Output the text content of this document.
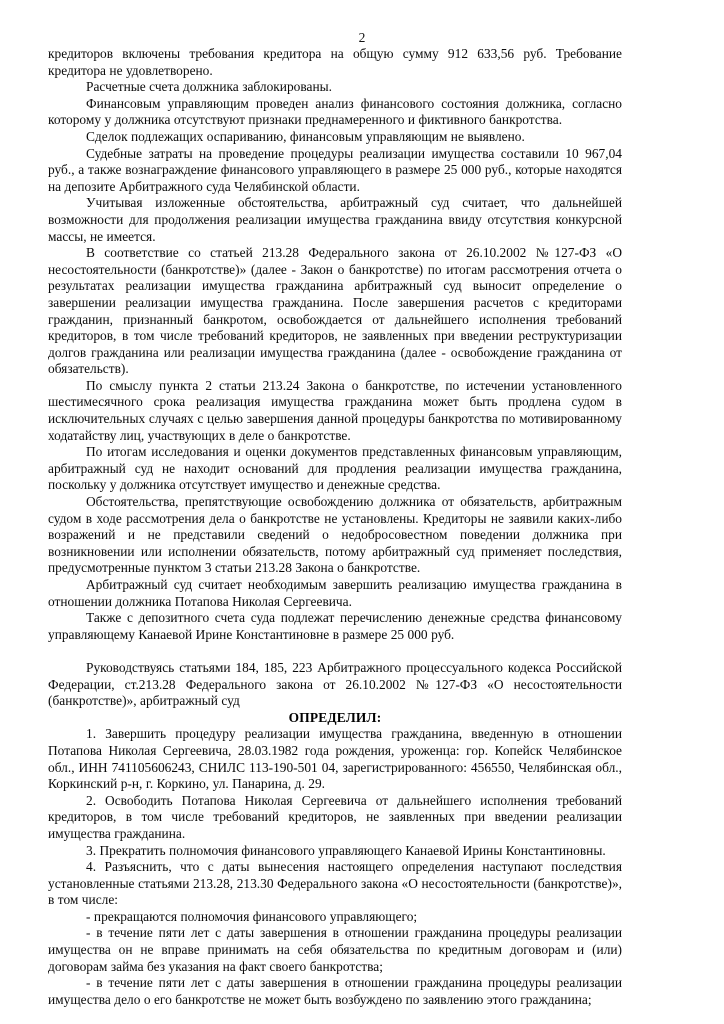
2

кредиторов включены требования кредитора на общую сумму 912 633,56 руб. Требование кредитора не удовлетворено.

Расчетные счета должника заблокированы.

Финансовым управляющим проведен анализ финансового состояния должника, согласно которому у должника отсутствуют признаки преднамеренного и фиктивного банкротства.

Сделок подлежащих оспариванию, финансовым управляющим не выявлено.

Судебные затраты на проведение процедуры реализации имущества составили 10 967,04 руб., а также вознаграждение финансового управляющего в размере 25 000 руб., которые находятся на депозите Арбитражного суда Челябинской области.

Учитывая изложенные обстоятельства, арбитражный суд считает, что дальнейшей возможности для продолжения реализации имущества гражданина ввиду отсутствия конкурсной массы, не имеется.

В соответствие со статьей 213.28 Федерального закона от 26.10.2002 №127-ФЗ «О несостоятельности (банкротстве)» (далее - Закон о банкротстве) по итогам рассмотрения отчета о результатах реализации имущества гражданина арбитражный суд выносит определение о завершении реализации имущества гражданина. После завершения расчетов с кредиторами гражданин, признанный банкротом, освобождается от дальнейшего исполнения требований кредиторов, в том числе требований кредиторов, не заявленных при введении реструктуризации долгов гражданина или реализации имущества гражданина (далее - освобождение гражданина от обязательств).

По смыслу пункта 2 статьи 213.24 Закона о банкротстве, по истечении установленного шестимесячного срока реализация имущества гражданина может быть продлена судом в исключительных случаях с целью завершения данной процедуры банкротства по мотивированному ходатайству лиц, участвующих в деле о банкротстве.

По итогам исследования и оценки документов представленных финансовым управляющим, арбитражный суд не находит оснований для продления реализации имущества гражданина, поскольку у должника отсутствует имущество и денежные средства.

Обстоятельства, препятствующие освобождению должника от обязательств, арбитражным судом в ходе рассмотрения дела о банкротстве не установлены. Кредиторы не заявили каких-либо возражений и не представили сведений о недобросовестном поведении должника при возникновении или исполнении обязательств, потому арбитражный суд применяет последствия, предусмотренные пунктом 3 статьи 213.28 Закона о банкротстве.

Арбитражный суд считает необходимым завершить реализацию имущества гражданина в отношении должника Потапова Николая Сергеевича.

Также с депозитного счета суда подлежат перечислению денежные средства финансовому управляющему Канаевой Ирине Константиновне в размере 25 000 руб.

Руководствуясь статьями 184, 185, 223 Арбитражного процессуального кодекса Российской Федерации, ст.213.28 Федерального закона от 26.10.2002 №127-ФЗ «О несостоятельности (банкротстве)», арбитражный суд

ОПРЕДЕЛИЛ:

1. Завершить процедуру реализации имущества гражданина, введенную в отношении Потапова Николая Сергеевича, 28.03.1982 года рождения, уроженца: гор. Копейск Челябинское обл., ИНН 741105606243, СНИЛС 113-190-501 04, зарегистрированного: 456550, Челябинская обл., Коркинский р-н, г. Коркино, ул. Панарина, д. 29.

2. Освободить Потапова Николая Сергеевича от дальнейшего исполнения требований кредиторов, в том числе требований кредиторов, не заявленных при введении реализации имущества гражданина.

3. Прекратить полномочия финансового управляющего Канаевой Ирины Константиновны.

4. Разъяснить, что с даты вынесения настоящего определения наступают последствия установленные статьями 213.28, 213.30 Федерального закона «О несостоятельности (банкротстве)», в том числе:

- прекращаются полномочия финансового управляющего;

- в течение пяти лет с даты завершения в отношении гражданина процедуры реализации имущества он не вправе принимать на себя обязательства по кредитным договорам и (или) договорам займа без указания на факт своего банкротства;

- в течение пяти лет с даты завершения в отношении гражданина процедуры реализации имущества дело о его банкротстве не может быть возбуждено по заявлению этого гражданина;
